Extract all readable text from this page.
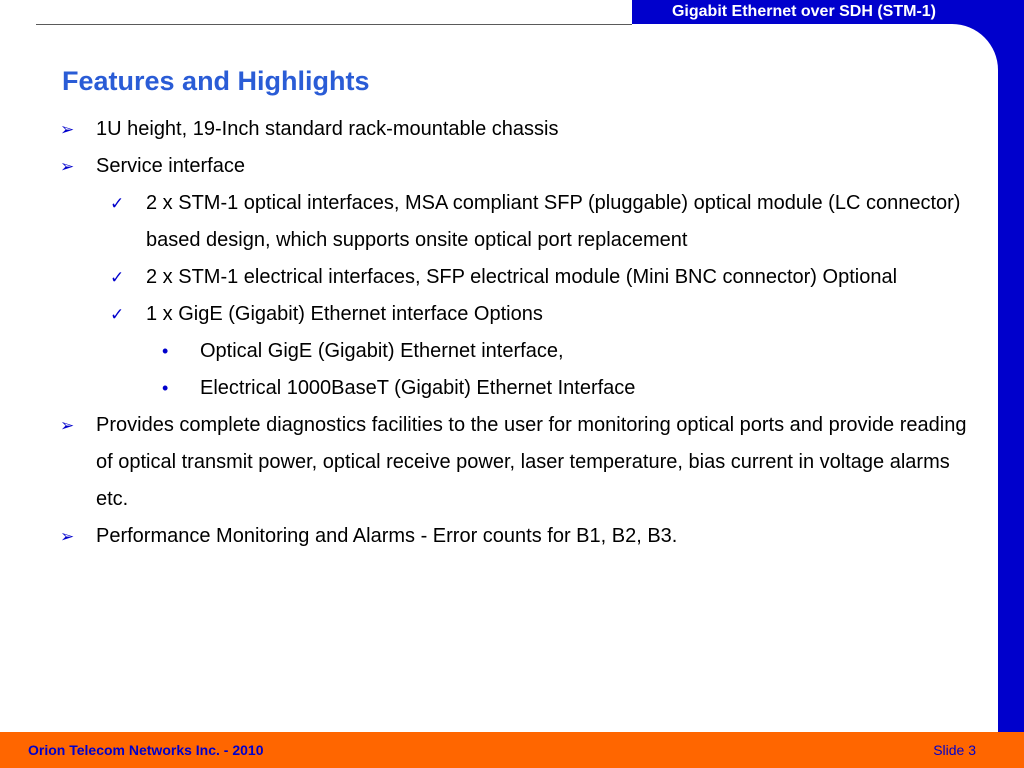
Gigabit Ethernet over SDH (STM-1)
Features and Highlights
➢ 1U height, 19-Inch standard rack-mountable chassis
➢ Service interface
✓ 2 x STM-1 optical interfaces, MSA compliant SFP (pluggable) optical module (LC connector) based design, which supports onsite optical port replacement
✓ 2 x STM-1 electrical interfaces, SFP electrical module (Mini BNC connector) Optional
✓ 1 x GigE (Gigabit) Ethernet interface Options
• Optical GigE (Gigabit) Ethernet interface,
• Electrical 1000BaseT (Gigabit) Ethernet Interface
➢ Provides complete diagnostics facilities to the user for monitoring optical ports and provide reading of optical transmit power, optical receive power, laser temperature, bias current in voltage alarms etc.
➢ Performance Monitoring and Alarms - Error counts for B1, B2, B3.
Orion Telecom Networks Inc. - 2010	Slide 3
